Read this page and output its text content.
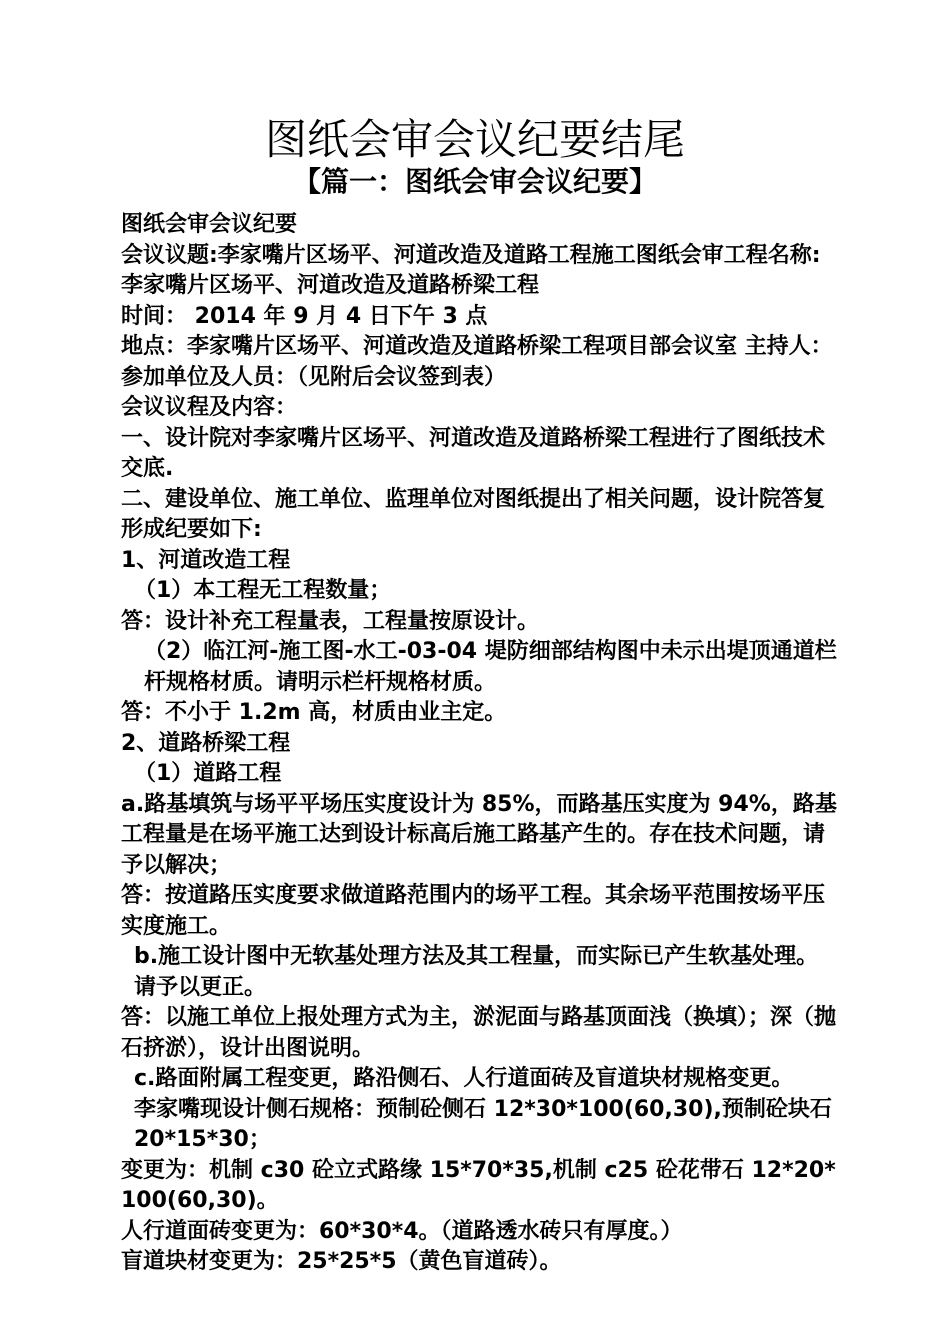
图纸会审会议纪要结尾
【篇一：图纸会审会议纪要】

图纸会审会议纪要

会议议题:李家嘴片区场平、河道改造及道路工程施工图纸会审工程名称: 李家嘴片区场平、河道改造及道路桥梁工程

时间： 2014 年 9 月 4 日下午 3 点

地点：李家嘴片区场平、河道改造及道路桥梁工程项目部会议室 主持人：

参加单位及人员：（见附后会议签到表）

会议议程及内容：

一、设计院对李家嘴片区场平、河道改造及道路桥梁工程进行了图纸技术交底.

二、建设单位、施工单位、监理单位对图纸提出了相关问题，设计院答复形成纪要如下:

1、河道改造工程

（1）本工程无工程数量；

答：设计补充工程量表，工程量按原设计。

（2）临江河-施工图-水工-03-04 堤防细部结构图中未示出堤顶通道栏杆规格材质。请明示栏杆规格材质。

答：不小于 1.2m 高，材质由业主定。

2、道路桥梁工程

（1）道路工程

a.路基填筑与场平平场压实度设计为 85%，而路基压实度为 94%，路基工程量是在场平施工达到设计标高后施工路基产生的。存在技术问题，请予以解决；

答：按道路压实度要求做道路范围内的场平工程。其余场平范围按场平压实度施工。

b.施工设计图中无软基处理方法及其工程量，而实际已产生软基处理。请予以更正。

答：以施工单位上报处理方式为主，淤泥面与路基顶面浅（换填）；深（抛石挤淤），设计出图说明。

c.路面附属工程变更，路沿侧石、人行道面砖及盲道块材规格变更。

李家嘴现设计侧石规格：预制砼侧石 12*30*100(60,30),预制砼块石 20*15*30；

变更为：机制 c30 砼立式路缘 15*70*35,机制 c25 砼花带石 12*20*100(60,30)。

人行道面砖变更为：60*30*4。（道路透水砖只有厚度。）

盲道块材变更为：25*25*5（黄色盲道砖）。
